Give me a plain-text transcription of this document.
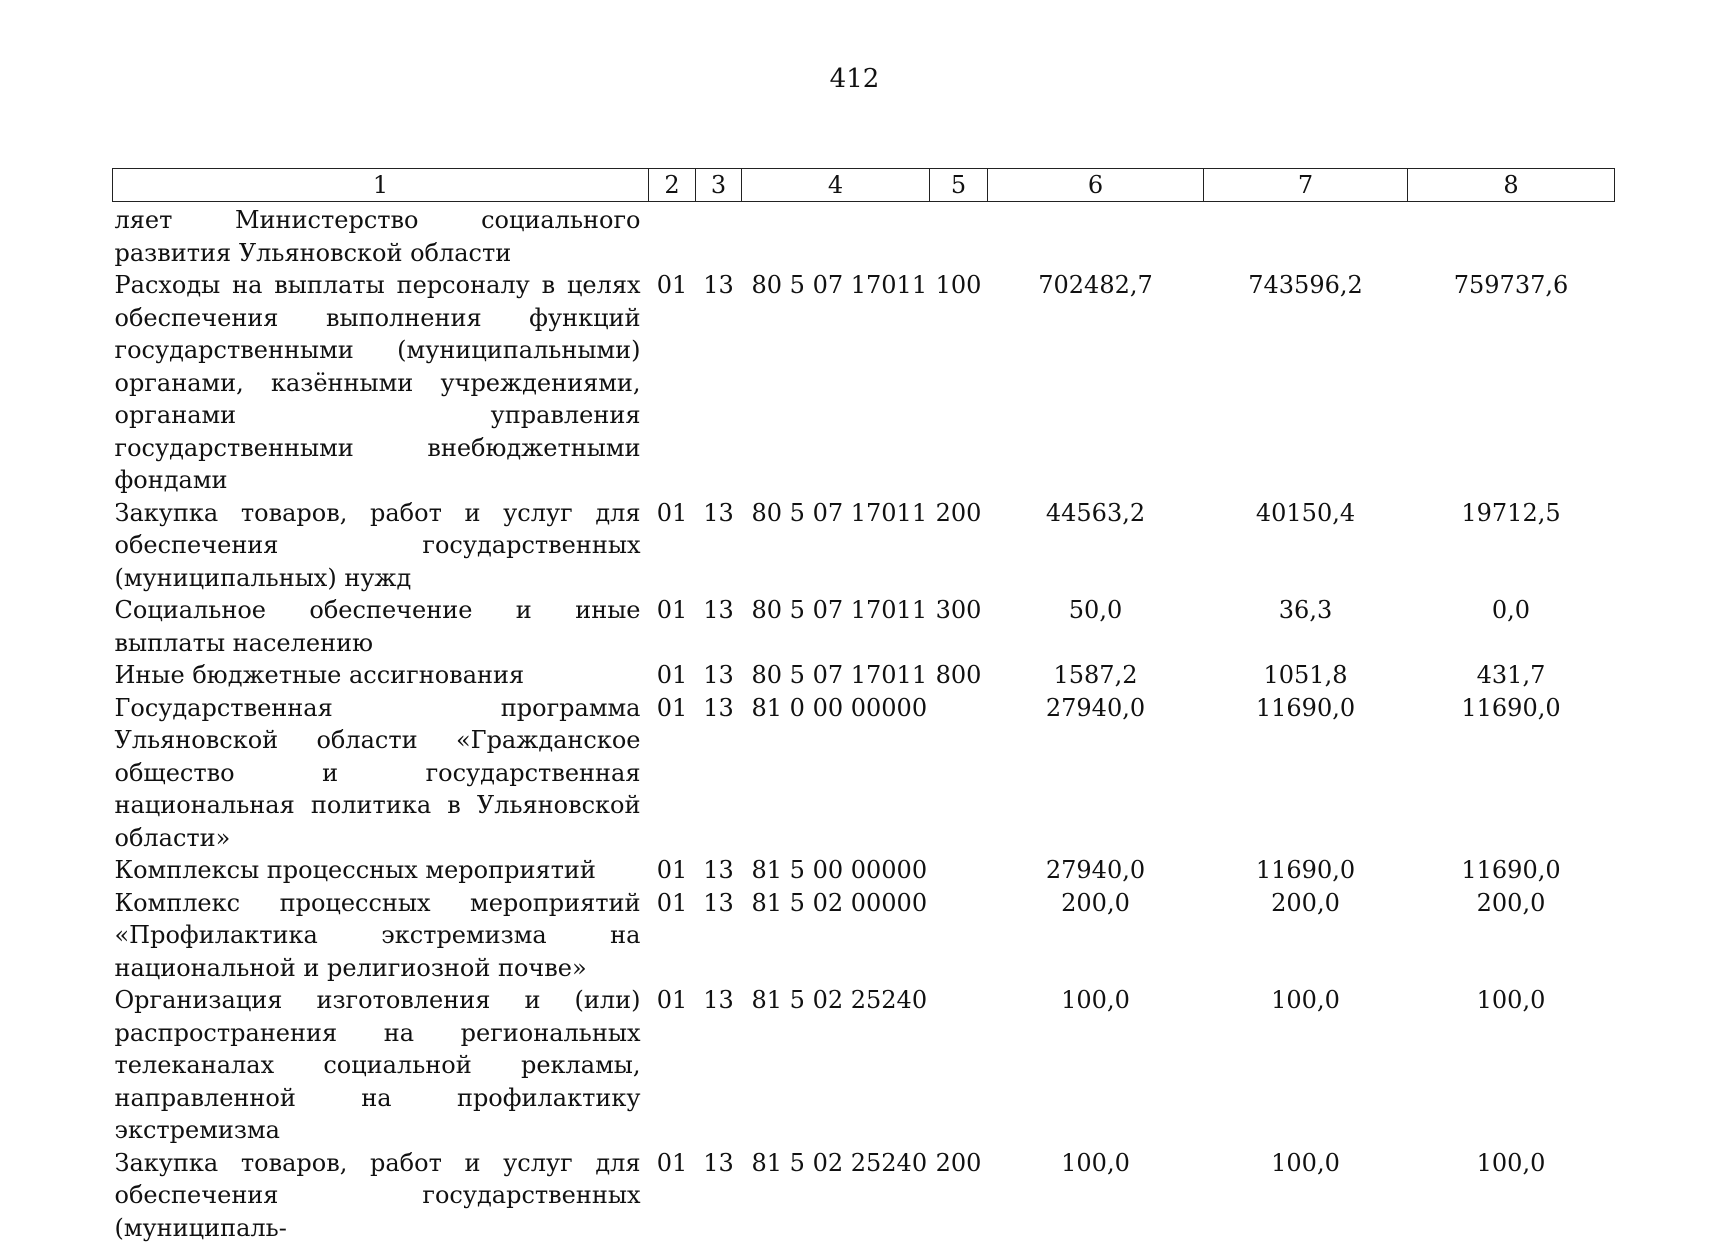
412
1	2	3	4	5	6	7	8
ляет Министерство социального развития Ульяновской области							
Расходы на выплаты персоналу в целях обеспечения выполнения функций государственными (муниципальными) органами, казёнными учреждениями, органами управления государственными внебюджетными фондами	01	13	80 5 07 17011	100	702482,7	743596,2	759737,6
Закупка товаров, работ и услуг для обеспечения государственных (муниципальных) нужд	01	13	80 5 07 17011	200	44563,2	40150,4	19712,5
Социальное обеспечение и иные выплаты населению	01	13	80 5 07 17011	300	50,0	36,3	0,0
Иные бюджетные ассигнования	01	13	80 5 07 17011	800	1587,2	1051,8	431,7
Государственная программа Ульяновской области «Гражданское общество и государственная национальная политика в Ульяновской области»	01	13	81 0 00 00000		27940,0	11690,0	11690,0
Комплексы процессных мероприятий	01	13	81 5 00 00000		27940,0	11690,0	11690,0
Комплекс процессных мероприятий «Профилактика экстремизма на национальной и религиозной почве»	01	13	81 5 02 00000		200,0	200,0	200,0
Организация изготовления и (или) распространения на региональных телеканалах социальной рекламы, направленной на профилактику экстремизма	01	13	81 5 02 25240		100,0	100,0	100,0
Закупка товаров, работ и услуг для обеспечения государственных (муниципаль-	01	13	81 5 02 25240	200	100,0	100,0	100,0
